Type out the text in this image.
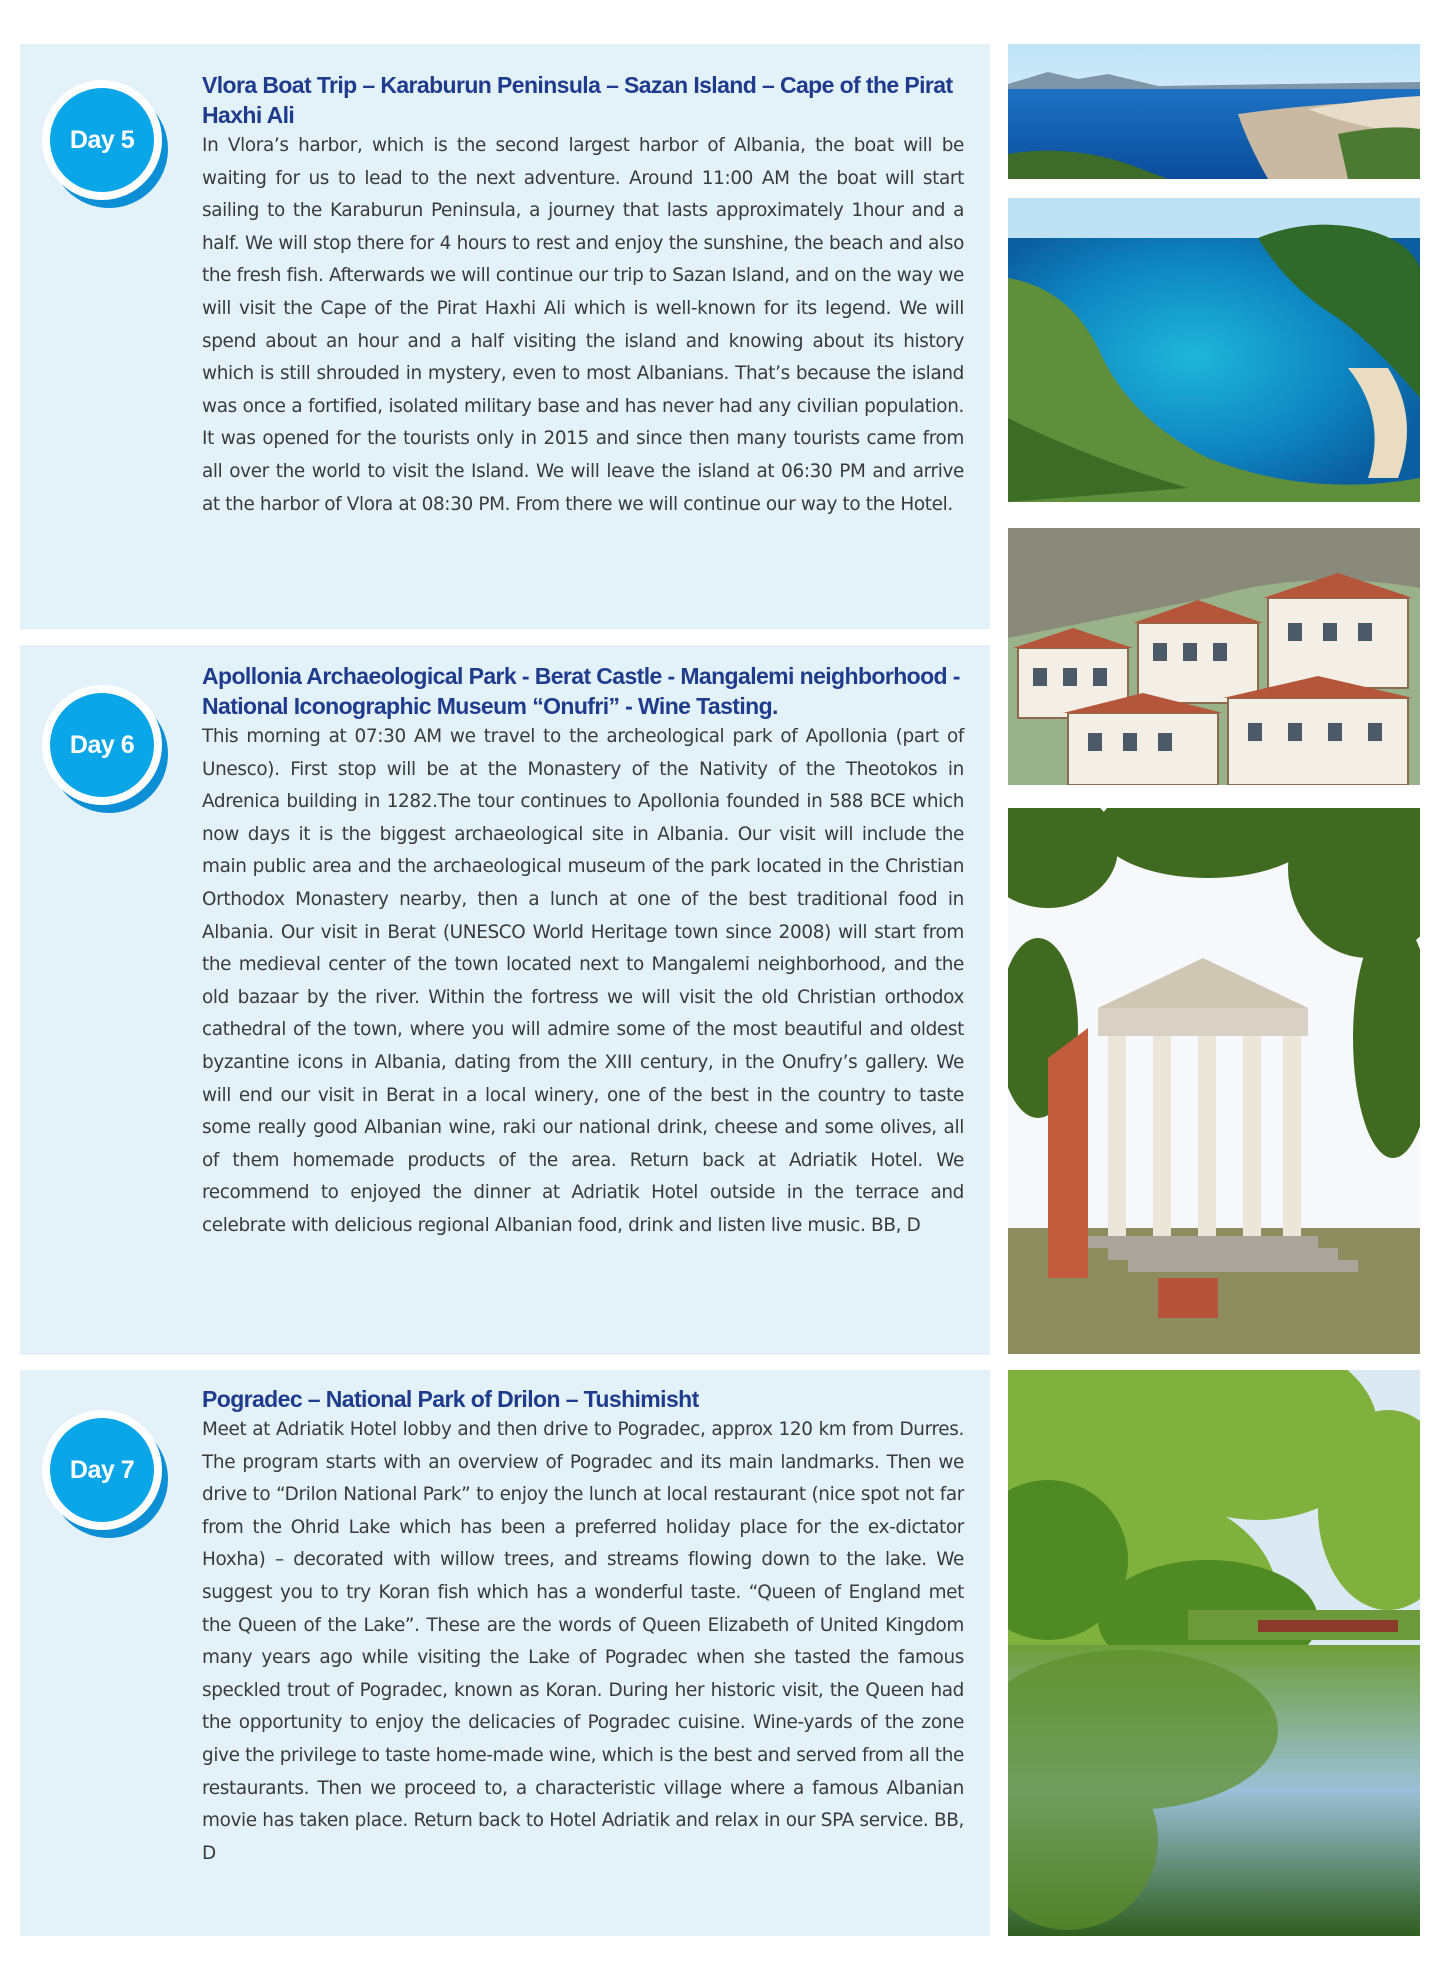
Day 5
Vlora Boat Trip – Karaburun Peninsula – Sazan Island – Cape of the Pirat Haxhi Ali

In Vlora’s harbor, which is the second largest harbor of Albania, the boat will be waiting for us to lead to the next adventure. Around 11:00 AM the boat will start sailing to the Karaburun Peninsula, a journey that lasts approximately 1hour and a half. We will stop there for 4 hours to rest and enjoy the sunshine, the beach and also the fresh fish. Afterwards we will continue our trip to Sazan Island, and on the way we will visit the Cape of the Pirat Haxhi Ali which is well-known for its legend. We will spend about an hour and a half visiting the island and knowing about its history which is still shrouded in mystery, even to most Albanians. That’s because the island was once a fortified, isolated military base and has never had any civilian population. It was opened for the tourists only in 2015 and since then many tourists came from all over the world to visit the Island. We will leave the island at 06:30 PM and arrive at the harbor of Vlora at 08:30 PM. From there we will continue our way to the Hotel.

Day 6
Apollonia Archaeological Park - Berat Castle - Mangalemi neighborhood - National Iconographic Museum “Onufri” - Wine Tasting.

This morning at 07:30 AM we travel to the archeological park of Apollonia (part of Unesco). First stop will be at the Monastery of the Nativity of the Theotokos in Adrenica building in 1282.The tour continues to Apollonia founded in 588 BCE which now days it is the biggest archaeological site in Albania. Our visit will include the main public area and the archaeological museum of the park located in the Christian Orthodox Monastery nearby, then a lunch at one of the best traditional food in Albania. Our visit in Berat (UNESCO World Heritage town since 2008) will start from the medieval center of the town located next to Mangalemi neighborhood, and the old bazaar by the river. Within the fortress we will visit the old Christian orthodox cathedral of the town, where you will admire some of the most beautiful and oldest byzantine icons in Albania, dating from the XIII century, in the Onufry’s gallery. We will end our visit in Berat in a local winery, one of the best in the country to taste some really good Albanian wine, raki our national drink, cheese and some olives, all of them homemade products of the area. Return back at Adriatik Hotel. We recommend to enjoyed the dinner at Adriatik Hotel outside in the terrace and celebrate with delicious regional Albanian food, drink and listen live music. BB, D

Day 7
Pogradec – National Park of Drilon – Tushimisht

Meet at Adriatik Hotel lobby and then drive to Pogradec, approx 120 km from Durres. The program starts with an overview of Pogradec and its main landmarks. Then we drive to “Drilon National Park” to enjoy the lunch at local restaurant (nice spot not far from the Ohrid Lake which has been a preferred holiday place for the ex-dictator Hoxha) – decorated with willow trees, and streams flowing down to the lake. We suggest you to try Koran fish which has a wonderful taste. “Queen of England met the Queen of the Lake”. These are the words of Queen Elizabeth of United Kingdom many years ago while visiting the Lake of Pogradec when she tasted the famous speckled trout of Pogradec, known as Koran. During her historic visit, the Queen had the opportunity to enjoy the delicacies of Pogradec cuisine. Wine-yards of the zone give the privilege to taste home-made wine, which is the best and served from all the restaurants. Then we proceed to, a characteristic village where a famous Albanian movie has taken place. Return back to Hotel Adriatik and relax in our SPA service. BB, D
